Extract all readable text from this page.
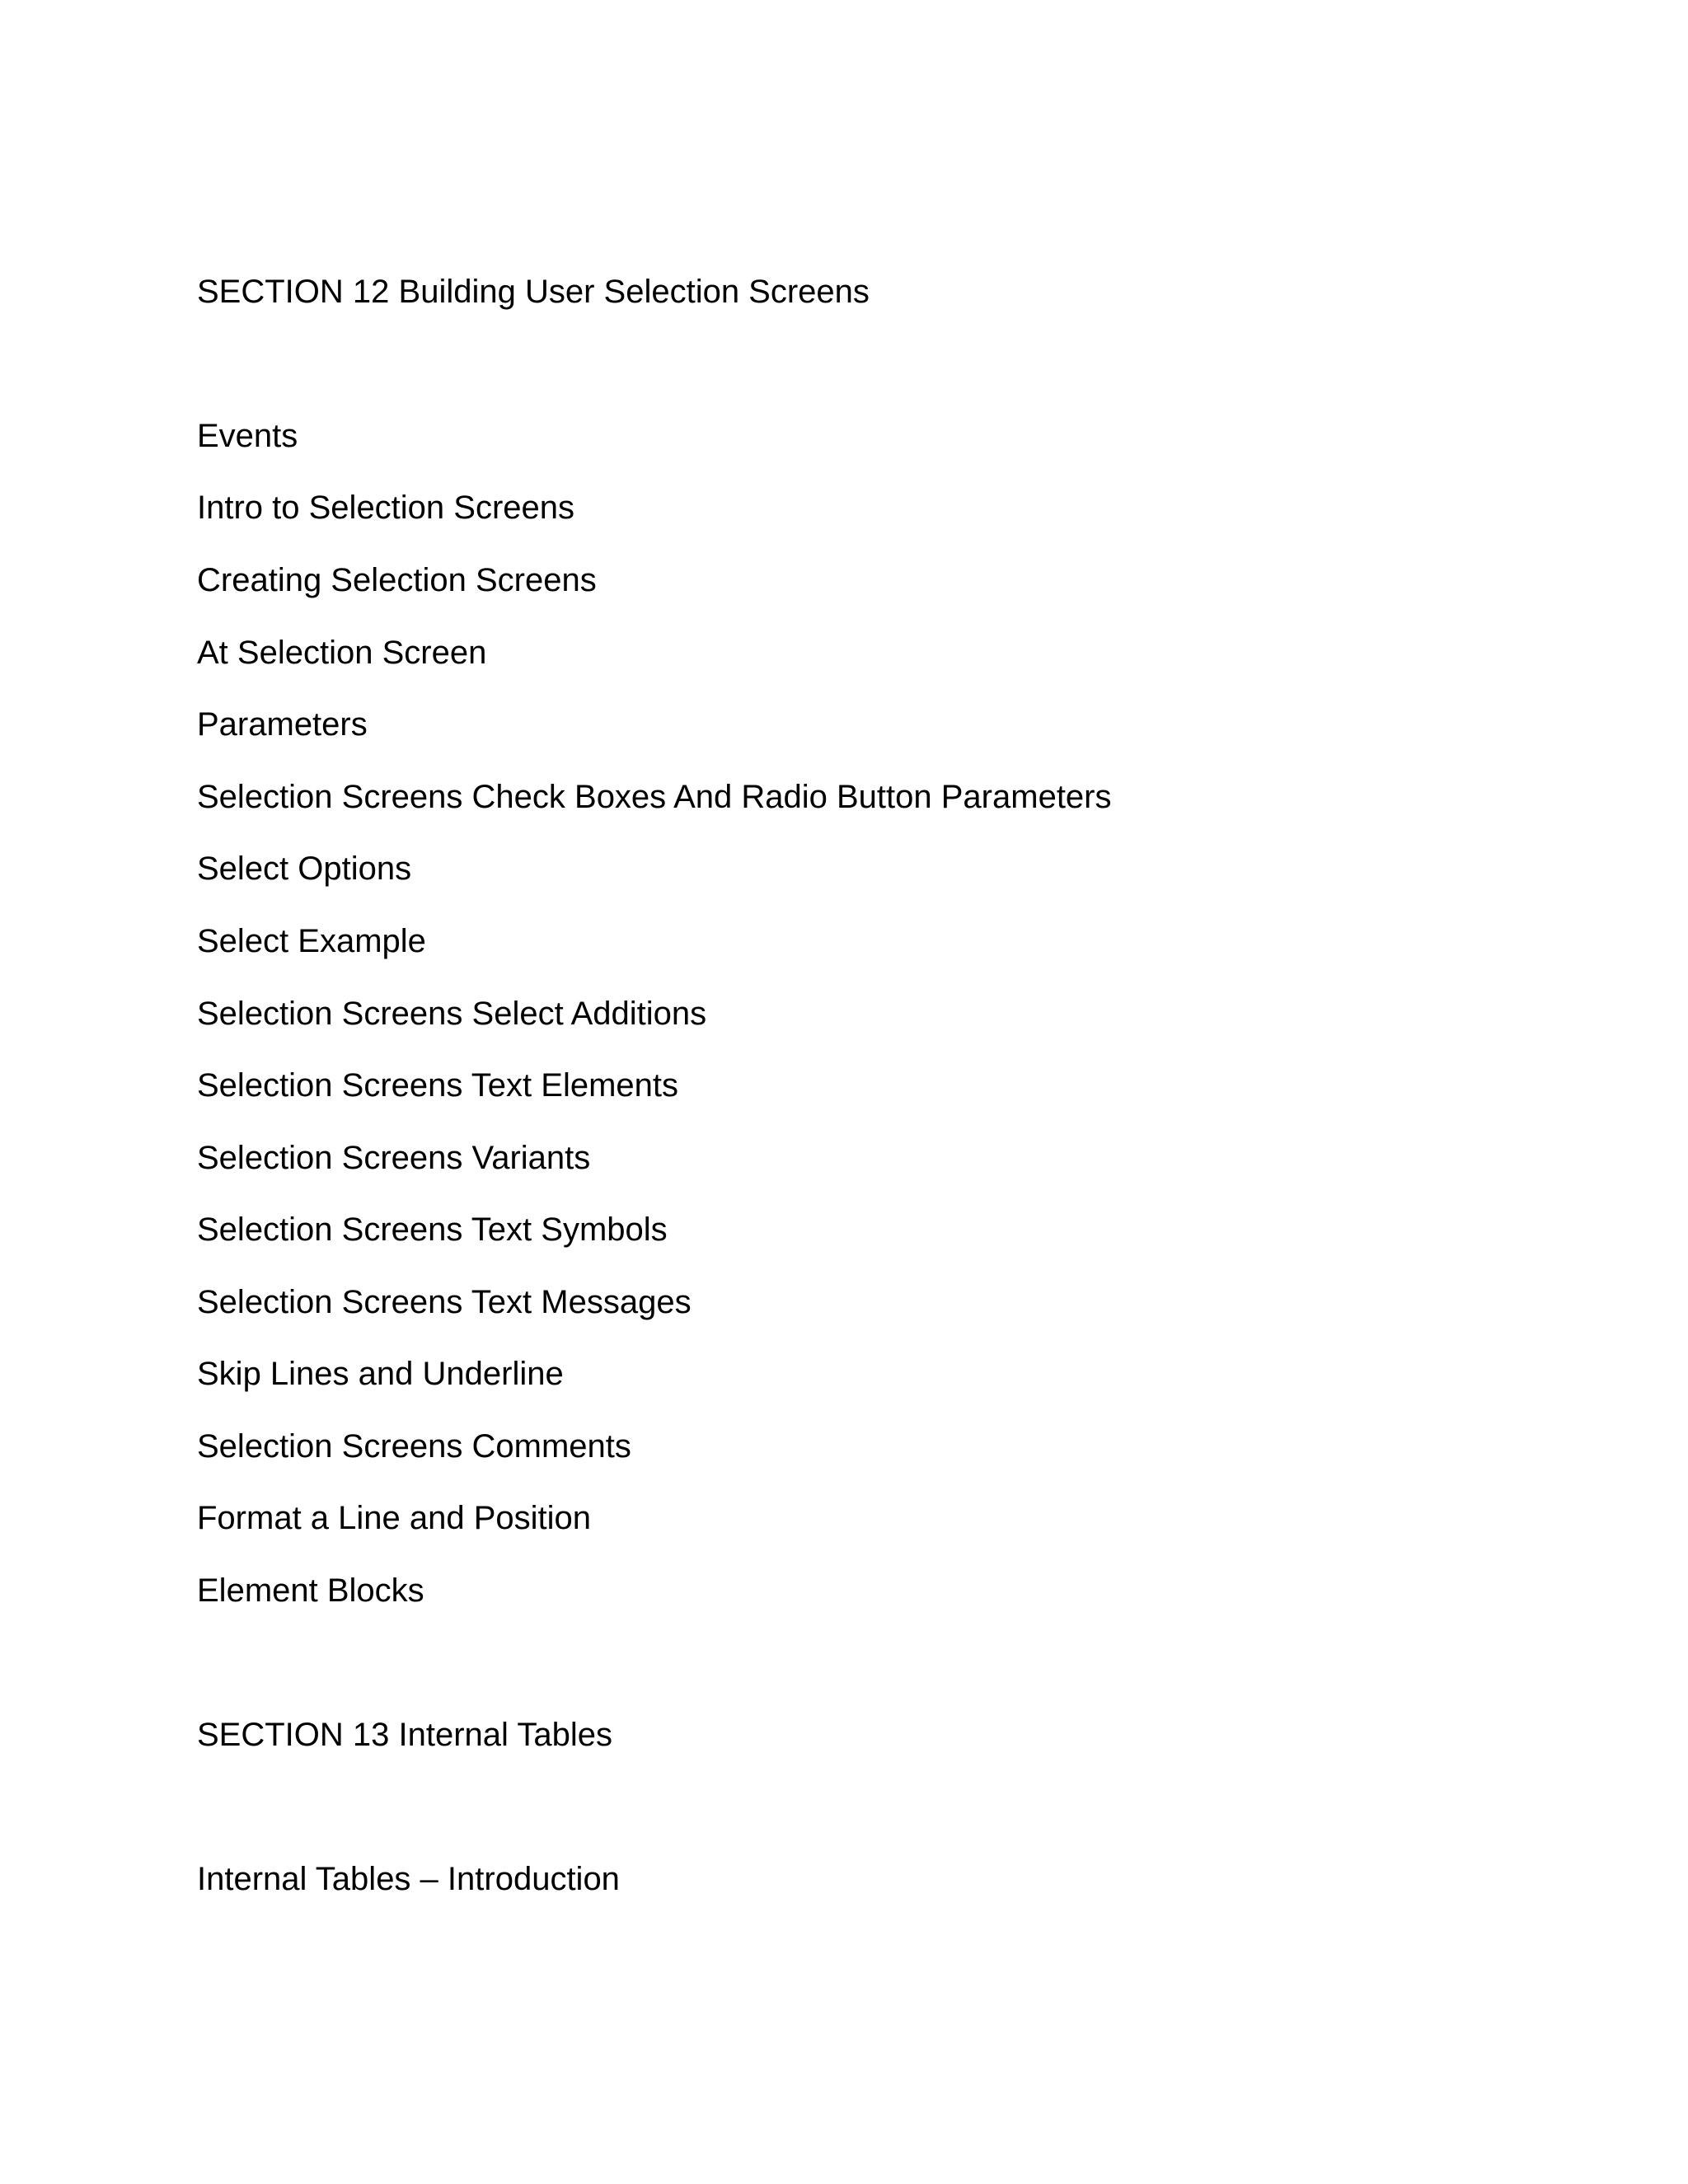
SECTION 12 Building User Selection Screens
Events
Intro to Selection Screens
Creating Selection Screens
At Selection Screen
Parameters
Selection Screens Check Boxes And Radio Button Parameters
Select Options
Select Example
Selection Screens Select Additions
Selection Screens Text Elements
Selection Screens Variants
Selection Screens Text Symbols
Selection Screens Text Messages
Skip Lines and Underline
Selection Screens Comments
Format a Line and Position
Element Blocks
SECTION 13 Internal Tables
Internal Tables – Introduction
